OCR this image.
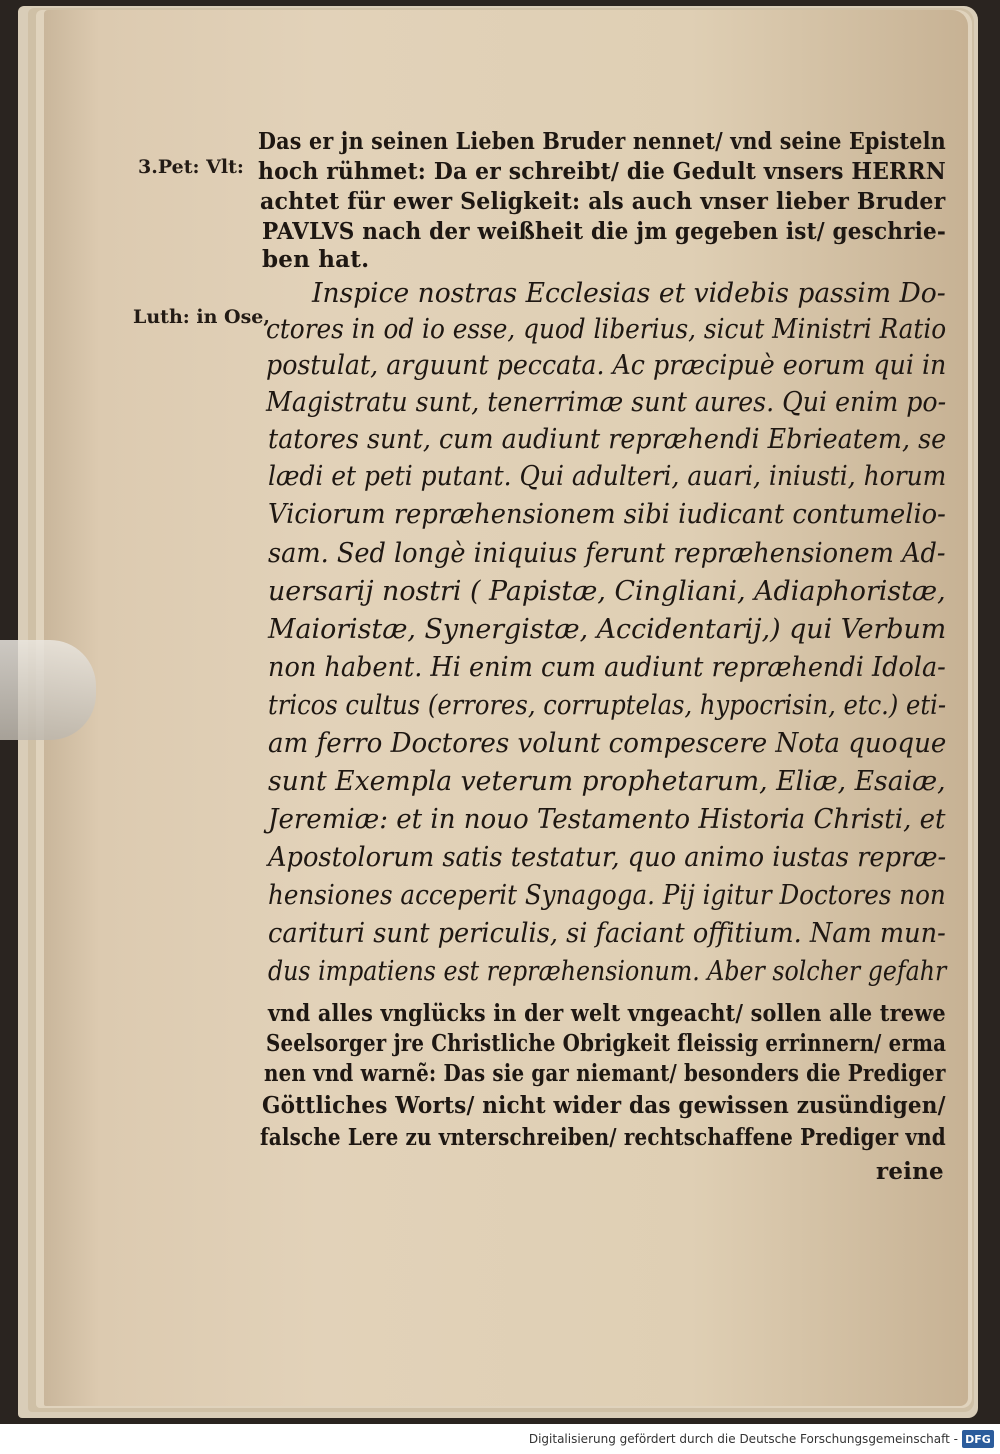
3.Pet: Vlt:
Luth: in Ose,
Das er jn seinen Lieben Bruder nennet/ vnd seine Episteln
hoch rühmet: Da er schreibt/ die Gedult vnsers HERRN
achtet für ewer Seligkeit: als auch vnser lieber Bruder
PAVLVS nach der weißheit die jm gegeben ist/ geschrie-
ben hat.
Inspice nostras Ecclesias et videbis passim Do-
ctores in od io esse, quod liberius, sicut Ministri Ratio
postulat, arguunt peccata. Ac præcipuè eorum qui in
Magistratu sunt, tenerrimæ sunt aures. Qui enim po-
tatores sunt, cum audiunt repræhendi Ebrieatem, se
lædi et peti putant. Qui adulteri, auari, iniusti, horum
Viciorum repræhensionem sibi iudicant contumelio-
sam. Sed longè iniquius ferunt repræhensionem Ad-
uersarij nostri ( Papistæ, Cingliani, Adiaphoristæ,
Maioristæ, Synergistæ, Accidentarij,) qui Verbum
non habent. Hi enim cum audiunt repræhendi Idola-
tricos cultus (errores, corruptelas, hypocrisin, etc.) eti-
am ferro Doctores volunt compescere Nota quoque
sunt Exempla veterum prophetarum, Eliæ, Esaiæ,
Jeremiæ: et in nouo Testamento Historia Christi, et
Apostolorum satis testatur, quo animo iustas repræ-
hensiones acceperit Synagoga. Pij igitur Doctores non
carituri sunt periculis, si faciant offitium. Nam mun-
dus impatiens est repræhensionum. Aber solcher gefahr
vnd alles vnglücks in der welt vngeacht/ sollen alle trewe
Seelsorger jre Christliche Obrigkeit fleissig errinnern/ erma
nen vnd warnẽ: Das sie gar niemant/ besonders die Prediger
Göttliches Worts/ nicht wider das gewissen zusündigen/
falsche Lere zu vnterschreiben/ rechtschaffene Prediger vnd
reine
Digitalisierung gefördert durch die Deutsche Forschungsgemeinschaft - DFG
